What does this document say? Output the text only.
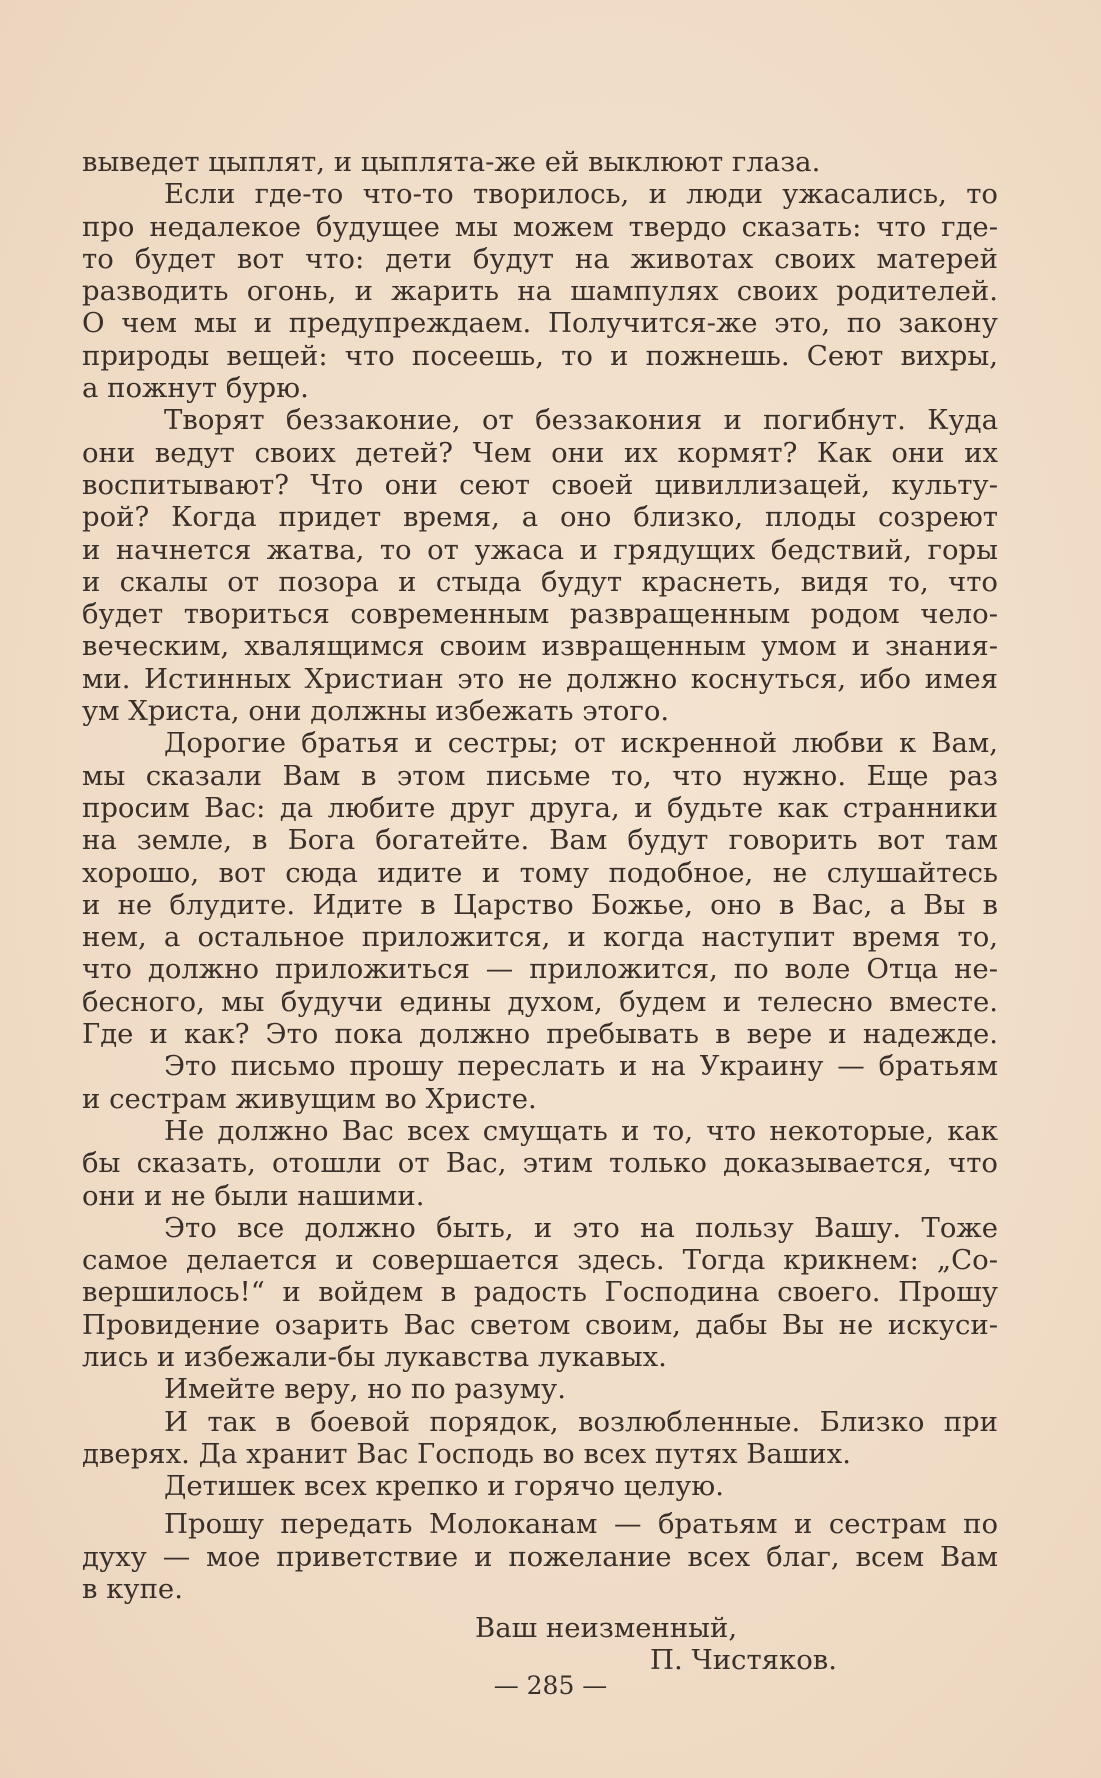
выведет цыплят, и цыплята-же ей выклюют глаза.
Если где-то что-то творилось, и люди ужасались, то
про недалекое будущее мы можем твердо сказать: что где-
то будет вот что: дети будут на животах своих матерей
разводить огонь, и жарить на шампулях своих родителей.
О чем мы и предупреждаем. Получится-же это, по закону
природы вещей: что посеешь, то и пожнешь. Сеют вихры,
а пожнут бурю.
Творят беззаконие, от беззакония и погибнут. Куда
они ведут своих детей? Чем они их кормят? Как они их
воспитывают? Что они сеют своей цивиллизацей, культу-
рой? Когда придет время, а оно близко, плоды созреют
и начнется жатва, то от ужаса и грядущих бедствий, горы
и скалы от позора и стыда будут краснеть, видя то, что
будет твориться современным развращенным родом чело-
веческим, хвалящимся своим извращенным умом и знания-
ми. Истинных Христиан это не должно коснуться, ибо имея
ум Христа, они должны избежать этого.
Дорогие братья и сестры; от искренной любви к Вам,
мы сказали Вам в этом письме то, что нужно. Еще раз
просим Вас: да любите друг друга, и будьте как странники
на земле, в Бога богатейте. Вам будут говорить вот там
хорошо, вот сюда идите и тому подобное, не слушайтесь
и не блудите. Идите в Царство Божье, оно в Вас, а Вы в
нем, а остальное приложится, и когда наступит время то,
что должно приложиться — приложится, по воле Отца не-
бесного, мы будучи едины духом, будем и телесно вместе.
Где и как? Это пока должно пребывать в вере и надежде.
Это письмо прошу переслать и на Украину — братьям
и сестрам живущим во Христе.
Не должно Вас всех смущать и то, что некоторые, как
бы сказать, отошли от Вас, этим только доказывается, что
они и не были нашими.
Это все должно быть, и это на пользу Вашу. Тоже
самое делается и совершается здесь. Тогда крикнем: „Со-
вершилось!“ и войдем в радость Господина своего. Прошу
Провидение озарить Вас светом своим, дабы Вы не искуси-
лись и избежали-бы лукавства лукавых.
Имейте веру, но по разуму.
И так в боевой порядок, возлюбленные. Близко при
дверях. Да хранит Вас Господь во всех путях Ваших.
Детишек всех крепко и горячо целую.
Прошу передать Молоканам — братьям и сестрам по
духу — мое приветствие и пожелание всех благ, всем Вам
в купе.
Ваш неизменный,
П. Чистяков.
— 285 —
